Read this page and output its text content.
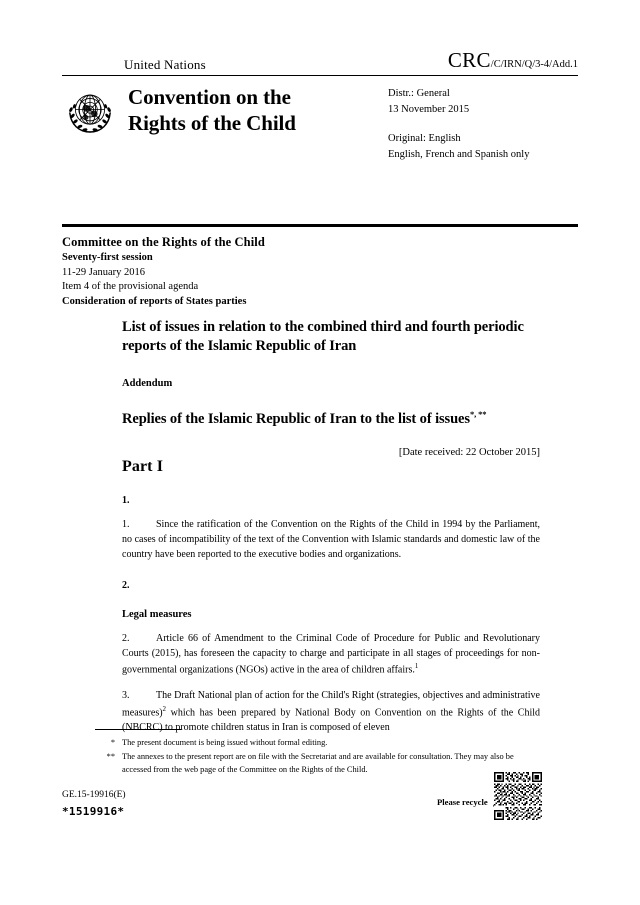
United Nations	CRC/C/IRN/Q/3-4/Add.1
Convention on the
Rights of the Child
Distr.: General
13 November 2015
Original: English
English, French and Spanish only
Committee on the Rights of the Child
Seventy-first session
11-29 January 2016
Item 4 of the provisional agenda
Consideration of reports of States parties
List of issues in relation to the combined third and fourth periodic reports of the Islamic Republic of Iran
Addendum
Replies of the Islamic Republic of Iran to the list of issues*, **
[Date received: 22 October 2015]
Part I
1.
1.	Since the ratification of the Convention on the Rights of the Child in 1994 by the Parliament, no cases of incompatibility of the text of the Convention with Islamic standards and domestic law of the country have been reported to the executive bodies and organizations.
2.
Legal measures
2.	Article 66 of Amendment to the Criminal Code of Procedure for Public and Revolutionary Courts (2015), has foreseen the capacity to charge and participate in all stages of proceedings for non-governmental organizations (NGOs) active in the area of children affairs.$^1$
3.	The Draft National plan of action for the Child's Right (strategies, objectives and administrative measures)$^2$ which has been prepared by National Body on Convention on the Rights of the Child (NBCRC) to promote children status in Iran is composed of eleven
* The present document is being issued without formal editing.
** The annexes to the present report are on file with the Secretariat and are available for consultation. They may also be accessed from the web page of the Committee on the Rights of the Child.
GE.15-19916(E)
*1519916*
Please recycle
